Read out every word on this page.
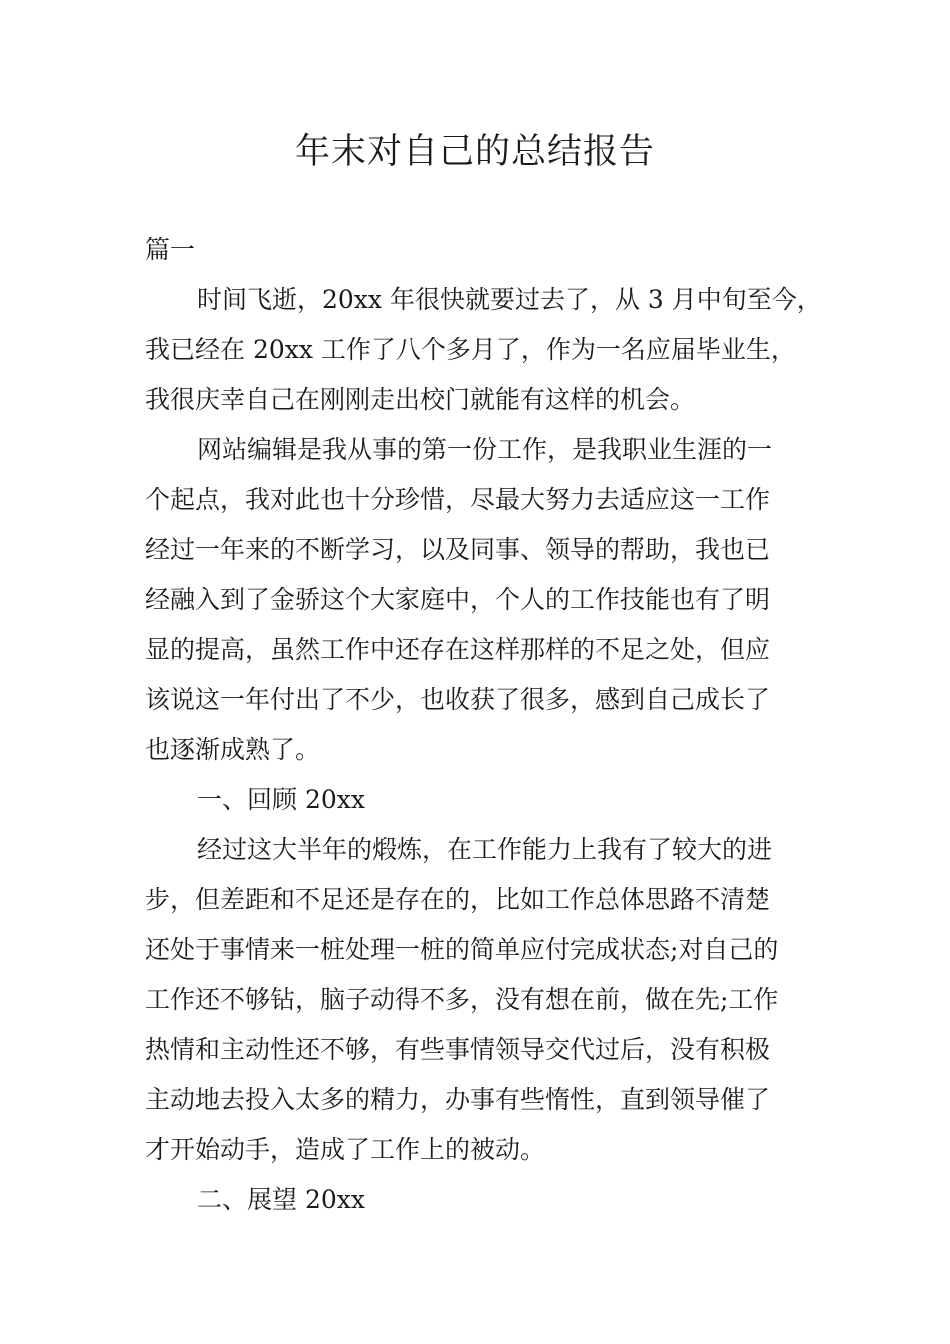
年末对自己的总结报告

篇一

时间飞逝，20xx 年很快就要过去了，从 3 月中旬至今，

我已经在 20xx 工作了八个多月了，作为一名应届毕业生，

我很庆幸自己在刚刚走出校门就能有这样的机会。

网站编辑是我从事的第一份工作，是我职业生涯的一

个起点，我对此也十分珍惜，尽最大努力去适应这一工作

经过一年来的不断学习，以及同事、领导的帮助，我也已

经融入到了金骄这个大家庭中，个人的工作技能也有了明

显的提高，虽然工作中还存在这样那样的不足之处，但应

该说这一年付出了不少，也收获了很多，感到自己成长了

也逐渐成熟了。

一、回顾 20xx

经过这大半年的煅炼，在工作能力上我有了较大的进

步，但差距和不足还是存在的，比如工作总体思路不清楚

还处于事情来一桩处理一桩的简单应付完成状态;对自己的

工作还不够钻，脑子动得不多，没有想在前，做在先;工作

热情和主动性还不够，有些事情领导交代过后，没有积极

主动地去投入太多的精力，办事有些惰性，直到领导催了

才开始动手，造成了工作上的被动。

二、展望 20xx
